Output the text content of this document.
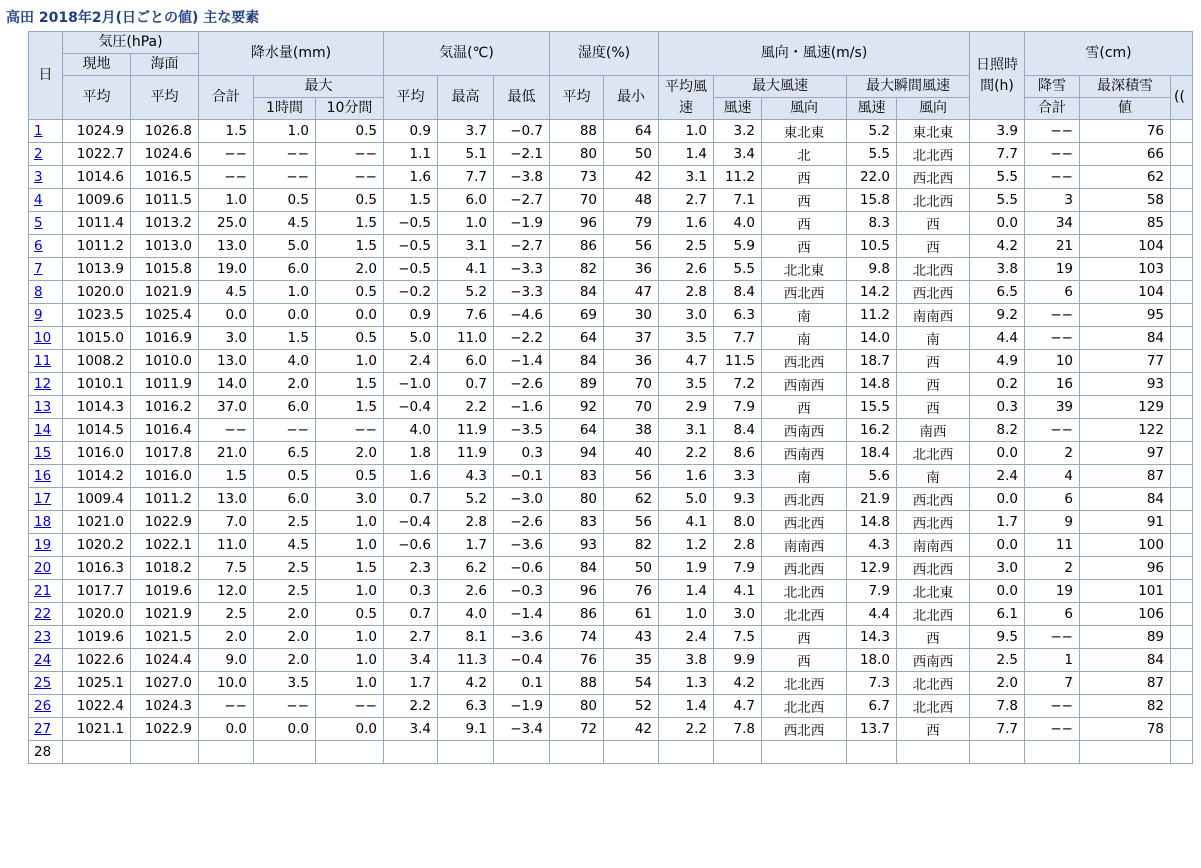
高田 2018年2月(日ごとの値) 主な要素
日	気圧(hPa)		降水量(mm)			気温(℃)			湿度(%)		風向・風速(m/s)					日照時間(h)	雪(cm)		
	現地	海面																	
	平均	平均	合計	最大		平均	最高	最低	平均	最小	平均風速	最大風速		最大瞬間風速			降雪	最深積雪	((
				1時間	10分間							風速	風向	風速	風向		合計	値	
1	1024.9	1026.8	1.5	1.0	0.5	0.9	3.7	−0.7	88	64	1.0	3.2	東北東	5.2	東北東	3.9	−−	76	
2	1022.7	1024.6	−−	−−	−−	1.1	5.1	−2.1	80	50	1.4	3.4	北	5.5	北北西	7.7	−−	66	
3	1014.6	1016.5	−−	−−	−−	1.6	7.7	−3.8	73	42	3.1	11.2	西	22.0	西北西	5.5	−−	62	
4	1009.6	1011.5	1.0	0.5	0.5	1.5	6.0	−2.7	70	48	2.7	7.1	西	15.8	北北西	5.5	3	58	
5	1011.4	1013.2	25.0	4.5	1.5	−0.5	1.0	−1.9	96	79	1.6	4.0	西	8.3	西	0.0	34	85	
6	1011.2	1013.0	13.0	5.0	1.5	−0.5	3.1	−2.7	86	56	2.5	5.9	西	10.5	西	4.2	21	104	
7	1013.9	1015.8	19.0	6.0	2.0	−0.5	4.1	−3.3	82	36	2.6	5.5	北北東	9.8	北北西	3.8	19	103	
8	1020.0	1021.9	4.5	1.0	0.5	−0.2	5.2	−3.3	84	47	2.8	8.4	西北西	14.2	西北西	6.5	6	104	
9	1023.5	1025.4	0.0	0.0	0.0	0.9	7.6	−4.6	69	30	3.0	6.3	南	11.2	南南西	9.2	−−	95	
10	1015.0	1016.9	3.0	1.5	0.5	5.0	11.0	−2.2	64	37	3.5	7.7	南	14.0	南	4.4	−−	84	
11	1008.2	1010.0	13.0	4.0	1.0	2.4	6.0	−1.4	84	36	4.7	11.5	西北西	18.7	西	4.9	10	77	
12	1010.1	1011.9	14.0	2.0	1.5	−1.0	0.7	−2.6	89	70	3.5	7.2	西南西	14.8	西	0.2	16	93	
13	1014.3	1016.2	37.0	6.0	1.5	−0.4	2.2	−1.6	92	70	2.9	7.9	西	15.5	西	0.3	39	129	
14	1014.5	1016.4	−−	−−	−−	4.0	11.9	−3.5	64	38	3.1	8.4	西南西	16.2	南西	8.2	−−	122	
15	1016.0	1017.8	21.0	6.5	2.0	1.8	11.9	0.3	94	40	2.2	8.6	西南西	18.4	北北西	0.0	2	97	
16	1014.2	1016.0	1.5	0.5	0.5	1.6	4.3	−0.1	83	56	1.6	3.3	南	5.6	南	2.4	4	87	
17	1009.4	1011.2	13.0	6.0	3.0	0.7	5.2	−3.0	80	62	5.0	9.3	西北西	21.9	西北西	0.0	6	84	
18	1021.0	1022.9	7.0	2.5	1.0	−0.4	2.8	−2.6	83	56	4.1	8.0	西北西	14.8	西北西	1.7	9	91	
19	1020.2	1022.1	11.0	4.5	1.0	−0.6	1.7	−3.6	93	82	1.2	2.8	南南西	4.3	南南西	0.0	11	100	
20	1016.3	1018.2	7.5	2.5	1.5	2.3	6.2	−0.6	84	50	1.9	7.9	西北西	12.9	西北西	3.0	2	96	
21	1017.7	1019.6	12.0	2.5	1.0	0.3	2.6	−0.3	96	76	1.4	4.1	北北西	7.9	北北東	0.0	19	101	
22	1020.0	1021.9	2.5	2.0	0.5	0.7	4.0	−1.4	86	61	1.0	3.0	北北西	4.4	北北西	6.1	6	106	
23	1019.6	1021.5	2.0	2.0	1.0	2.7	8.1	−3.6	74	43	2.4	7.5	西	14.3	西	9.5	−−	89	
24	1022.6	1024.4	9.0	2.0	1.0	3.4	11.3	−0.4	76	35	3.8	9.9	西	18.0	西南西	2.5	1	84	
25	1025.1	1027.0	10.0	3.5	1.0	1.7	4.2	0.1	88	54	1.3	4.2	北北西	7.3	北北西	2.0	7	87	
26	1022.4	1024.3	−−	−−	−−	2.2	6.3	−1.9	80	52	1.4	4.7	北北西	6.7	北北西	7.8	−−	82	
27	1021.1	1022.9	0.0	0.0	0.0	3.4	9.1	−3.4	72	42	2.2	7.8	西北西	13.7	西	7.7	−−	78	
28																			
